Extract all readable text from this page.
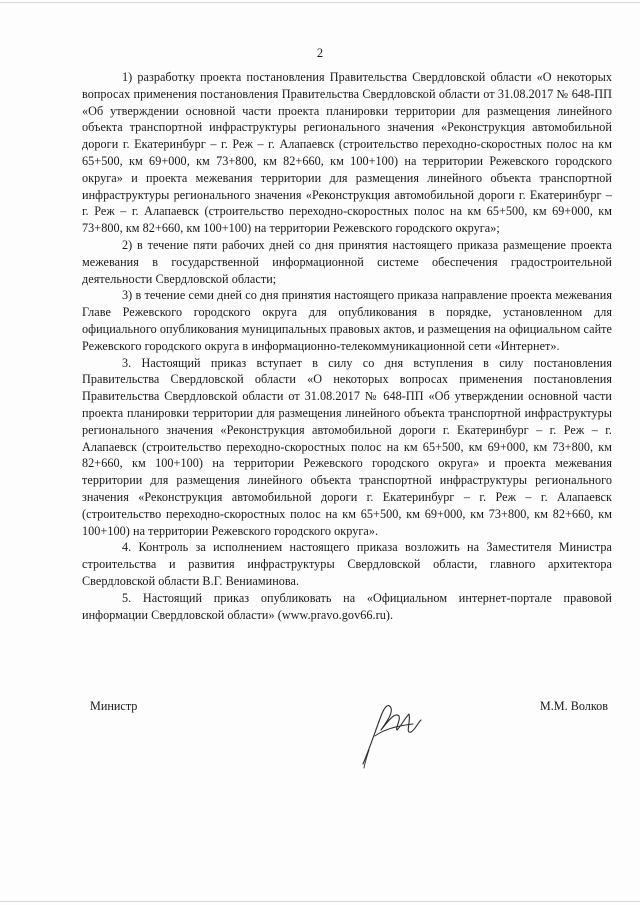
2

1) разработку проекта постановления Правительства Свердловской области «О некоторых вопросах применения постановления Правительства Свердловской области от 31.08.2017 № 648-ПП «Об утверждении основной части проекта планировки территории для размещения линейного объекта транспортной инфраструктуры регионального значения «Реконструкция автомобильной дороги г. Екатеринбург – г. Реж – г. Алапаевск (строительство переходно-скоростных полос на км 65+500, км 69+000, км 73+800, км 82+660, км 100+100) на территории Режевского городского округа» и проекта межевания территории для размещения линейного объекта транспортной инфраструктуры регионального значения «Реконструкция автомобильной дороги г. Екатеринбург – г. Реж – г. Алапаевск (строительство переходно-скоростных полос на км 65+500, км 69+000, км 73+800, км 82+660, км 100+100) на территории Режевского городского округа»;

2) в течение пяти рабочих дней со дня принятия настоящего приказа размещение проекта межевания в государственной информационной системе обеспечения градостроительной деятельности Свердловской области;

3) в течение семи дней со дня принятия настоящего приказа направление проекта межевания Главе Режевского городского округа для опубликования в порядке, установленном для официального опубликования муниципальных правовых актов, и размещения на официальном сайте Режевского городского округа в информационно-телекоммуникационной сети «Интернет».

3. Настоящий приказ вступает в силу со дня вступления в силу постановления Правительства Свердловской области «О некоторых вопросах применения постановления Правительства Свердловской области от 31.08.2017 № 648-ПП «Об утверждении основной части проекта планировки территории для размещения линейного объекта транспортной инфраструктуры регионального значения «Реконструкция автомобильной дороги г. Екатеринбург – г. Реж – г. Алапаевск (строительство переходно-скоростных полос на км 65+500, км 69+000, км 73+800, км 82+660, км 100+100) на территории Режевского городского округа» и проекта межевания территории для размещения линейного объекта транспортной инфраструктуры регионального значения «Реконструкция автомобильной дороги г. Екатеринбург – г. Реж – г. Алапаевск (строительство переходно-скоростных полос на км 65+500, км 69+000, км 73+800, км 82+660, км 100+100) на территории Режевского городского округа».

4. Контроль за исполнением настоящего приказа возложить на Заместителя Министра строительства и развития инфраструктуры Свердловской области, главного архитектора Свердловской области В.Г. Вениаминова.

5. Настоящий приказ опубликовать на «Официальном интернет-портале правовой информации Свердловской области» (www.pravo.gov66.ru).

Министр	М.М. Волков
